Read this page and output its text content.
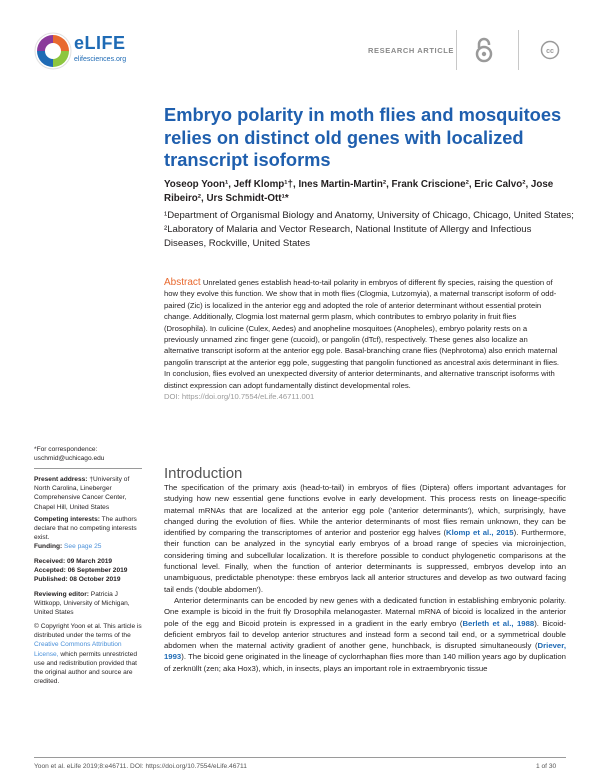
eLIFE
elifesciences.org
RESEARCH ARTICLE	cc
Embryo polarity in moth flies and mosquitoes relies on distinct old genes with localized transcript isoforms
Yoseop Yoon¹, Jeff Klomp¹†, Ines Martin-Martin², Frank Criscione², Eric Calvo², Jose Ribeiro², Urs Schmidt-Ott¹*
¹Department of Organismal Biology and Anatomy, University of Chicago, Chicago, United States; ²Laboratory of Malaria and Vector Research, National Institute of Allergy and Infectious Diseases, Rockville, United States
Abstract Unrelated genes establish head-to-tail polarity in embryos of different fly species, raising the question of how they evolve this function. We show that in moth flies (Clogmia, Lutzomyia), a maternal transcript isoform of odd-paired (Zic) is localized in the anterior egg and adopted the role of anterior determinant without essential protein change. Additionally, Clogmia lost maternal germ plasm, which contributes to embryo polarity in fruit flies (Drosophila). In culicine (Culex, Aedes) and anopheline mosquitoes (Anopheles), embryo polarity rests on a previously unnamed zinc finger gene (cucoid), or pangolin (dTcf), respectively. These genes also localize an alternative transcript isoform at the anterior egg pole. Basal-branching crane flies (Nephrotoma) also enrich maternal pangolin transcript at the anterior egg pole, suggesting that pangolin functioned as ancestral axis determinant in flies. In conclusion, flies evolved an unexpected diversity of anterior determinants, and alternative transcript isoforms with distinct expression can adopt fundamentally distinct developmental roles.
DOI: https://doi.org/10.7554/eLife.46711.001
*For correspondence:
uschmid@uchicago.edu
Present address: †University of North Carolina, Lineberger Comprehensive Cancer Center, Chapel Hill, United States
Competing interests: The authors declare that no competing interests exist.
Funding: See page 25
Received: 09 March 2019
Accepted: 06 September 2019
Published: 08 October 2019
Reviewing editor: Patricia J Wittkopp, University of Michigan, United States
© Copyright Yoon et al. This article is distributed under the terms of the Creative Commons Attribution License, which permits unrestricted use and redistribution provided that the original author and source are credited.
Introduction

The specification of the primary axis (head-to-tail) in embryos of flies (Diptera) offers important advantages for studying how new essential gene functions evolve in early development. This process rests on lineage-specific maternal mRNAs that are localized at the anterior egg pole ('anterior determinants'), which, surprisingly, have changed during the evolution of flies. While the anterior determinants of most flies remain unknown, they can be identified by comparing the transcriptomes of anterior and posterior egg halves (Klomp et al., 2015). Furthermore, their function can be analyzed in the syncytial early embryos of a broad range of species via microinjection, considering timing and subcellular localization. It is therefore possible to conduct phylogenetic comparisons at the functional level. Finally, when the function of anterior determinants is suppressed, embryos develop into an unambiguous, predictable phenotype: these embryos lack all anterior structures and develop as two outward facing tail ends ('double abdomen').

Anterior determinants can be encoded by new genes with a dedicated function in establishing embryonic polarity. One example is bicoid in the fruit fly Drosophila melanogaster. Maternal mRNA of bicoid is localized in the anterior pole of the egg and Bicoid protein is expressed in a gradient in the early embryo (Berleth et al., 1988). Bicoid-deficient embryos fail to develop anterior structures and instead form a second tail end, or a symmetrical double abdomen when the maternal activity gradient of another gene, hunchback, is disrupted simultaneously (Driever, 1993). The bicoid gene originated in the lineage of cyclorrhaphan flies more than 140 million years ago by duplication of zerknüllt (zen; aka Hox3), which, in insects, plays an important role in extraembryonic tissue

Yoon et al. eLife 2019;8:e46711. DOI: https://doi.org/10.7554/eLife.46711	1 of 30
